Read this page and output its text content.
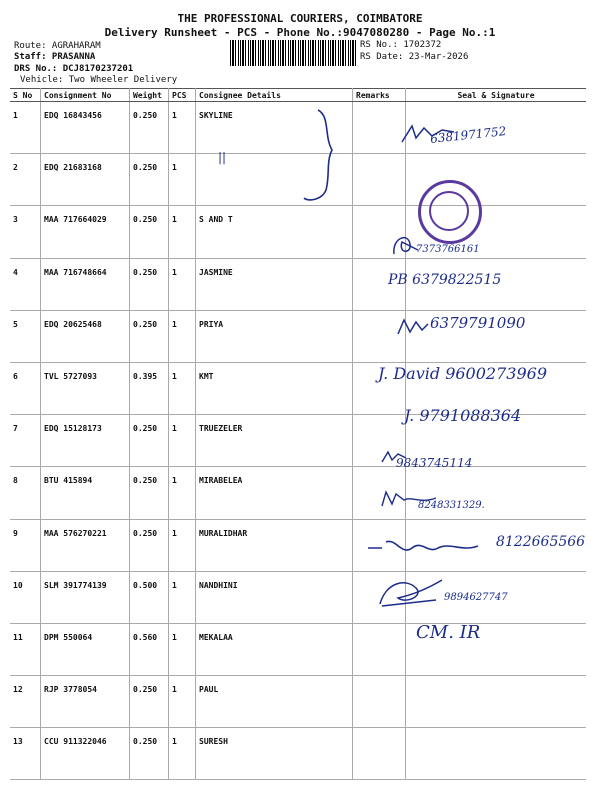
THE PROFESSIONAL COURIERS, COIMBATORE
Delivery Runsheet - PCS - Phone No.:9047080280 - Page No.:1
Route: AGRAHARAM
Staff: PRASANNA
DRS No.: DCJ8170237201
Vehicle: Two Wheeler Delivery
RS No.: 1702372
RS Date: 23-Mar-2026
S No	Consignment No	Weight	PCS	Consignee Details	Remarks	Seal & Signature
1	EDQ 16843456	0.250	1	SKYLINE		
2	EDQ 21683168	0.250	1			
3	MAA 717664029	0.250	1	S AND T		
4	MAA 716748664	0.250	1	JASMINE		
5	EDQ 20625468	0.250	1	PRIYA		
6	TVL 5727093	0.395	1	KMT		
7	EDQ 15128173	0.250	1	TRUEZELER		
8	BTU 415894	0.250	1	MIRABELEA		
9	MAA 576270221	0.250	1	MURALIDHAR		
10	SLM 391774139	0.500	1	NANDHINI		
11	DPM 550064	0.560	1	MEKALAA		
12	RJP 3778054	0.250	1	PAUL		
13	CCU 911322046	0.250	1	SURESH		
||
6381971752
7373766161
PB 6379822515
6379791090
J. David 9600273969
J. 9791088364
9843745114
8248331329.
8122665566
9894627747
CM. IR
